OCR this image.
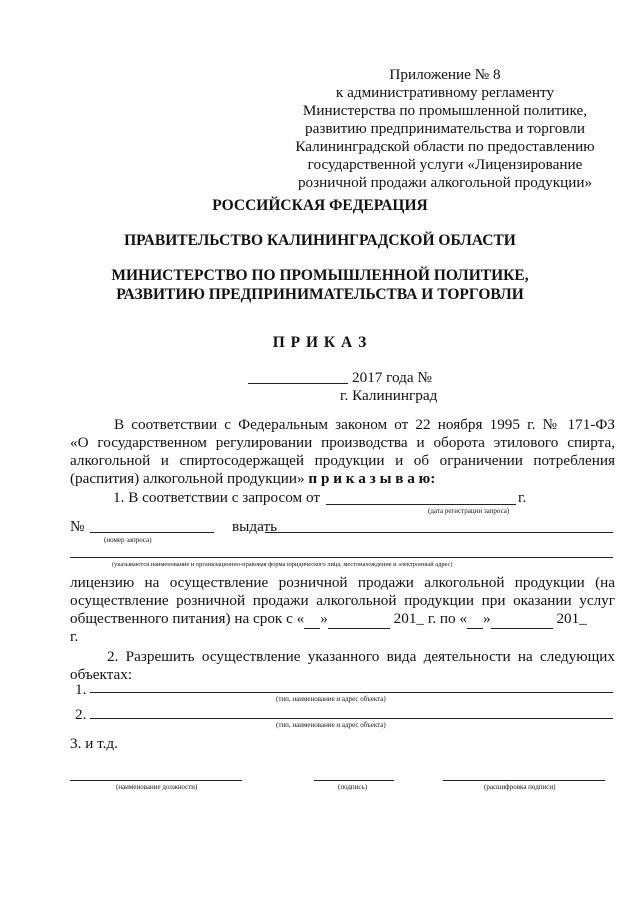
Приложение № 8
к административному регламенту
Министерства по промышленной политике,
развитию предпринимательства и торговли
Калининградской области по предоставлению
государственной услуги «Лицензирование
розничной продажи алкогольной продукции»
РОССИЙСКАЯ ФЕДЕРАЦИЯ
ПРАВИТЕЛЬСТВО КАЛИНИНГРАДСКОЙ ОБЛАСТИ
МИНИСТЕРСТВО ПО ПРОМЫШЛЕННОЙ ПОЛИТИКЕ,
РАЗВИТИЮ ПРЕДПРИНИМАТЕЛЬСТВА И ТОРГОВЛИ
П Р И К А З
2017 года №
г. Калининград
В соответствии с Федеральным законом от 22 ноября 1995 г. № 171-ФЗ
«О государственном регулировании производства и оборота этилового спирта,
алкогольной и спиртосодержащей продукции и об ограничении потребления
(распития) алкогольной продукции» п р и к а з ы в а ю:
1. В соответствии с запросом от	г.
(дата регистрации запроса)
№	выдать
(номер запроса)
(указываются наименование и организационно-правовая форма юридического лица, местонахождение и электронный адрес)
лицензию на осуществление розничной продажи алкогольной продукции (на
осуществление розничной продажи алкогольной продукции при оказании услуг
общественного питания) на срок с « »	201_ г. по « »	201_
г.
2. Разрешить осуществление указанного вида деятельности на следующих
объектах:
1.
(тип, наименование и адрес объекта)
2.
(тип, наименование и адрес объекта)
3. и т.д.
(наименование должности)	(подпись)	(расшифровка подписи)
